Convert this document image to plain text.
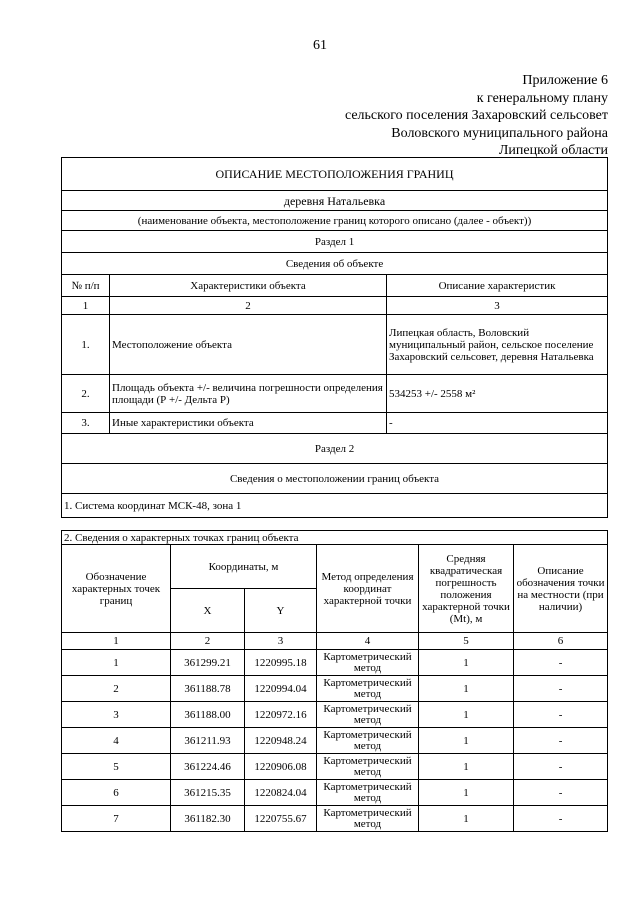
61
Приложение 6
к генеральному плану
сельского поселения Захаровский сельсовет
Воловского муниципального района
Липецкой области
ОПИСАНИЕ МЕСТОПОЛОЖЕНИЯ ГРАНИЦ		
деревня Натальевка		
(наименование объекта, местоположение границ которого описано (далее - объект))		
Раздел 1		
Сведения об объекте		
№ п/п	Характеристики объекта	Описание характеристик
1	2	3
1.	Местоположение объекта	Липецкая область, Воловский муниципальный район, сельское поселение Захаровский сельсовет, деревня Натальевка
2.	Площадь объекта +/- величина погрешности определения площади (Р +/- Дельта Р)	534253 +/- 2558 м²
3.	Иные характеристики объекта	-
Раздел 2		
Сведения о местоположении границ объекта		
1. Система координат МСК-48, зона 1		
2. Сведения о характерных точках границ объекта					
Обозначение характерных точек границ	Координаты, м		Метод определения координат характерной точки	Средняя квадратическая погрешность положения характерной точки (Mt), м	Описание обозначения точки на местности (при наличии)
	X	Y			
1	2	3	4	5	6
1	361299.21	1220995.18	Картометрический метод	1	-
2	361188.78	1220994.04	Картометрический метод	1	-
3	361188.00	1220972.16	Картометрический метод	1	-
4	361211.93	1220948.24	Картометрический метод	1	-
5	361224.46	1220906.08	Картометрический метод	1	-
6	361215.35	1220824.04	Картометрический метод	1	-
7	361182.30	1220755.67	Картометрический метод	1	-
